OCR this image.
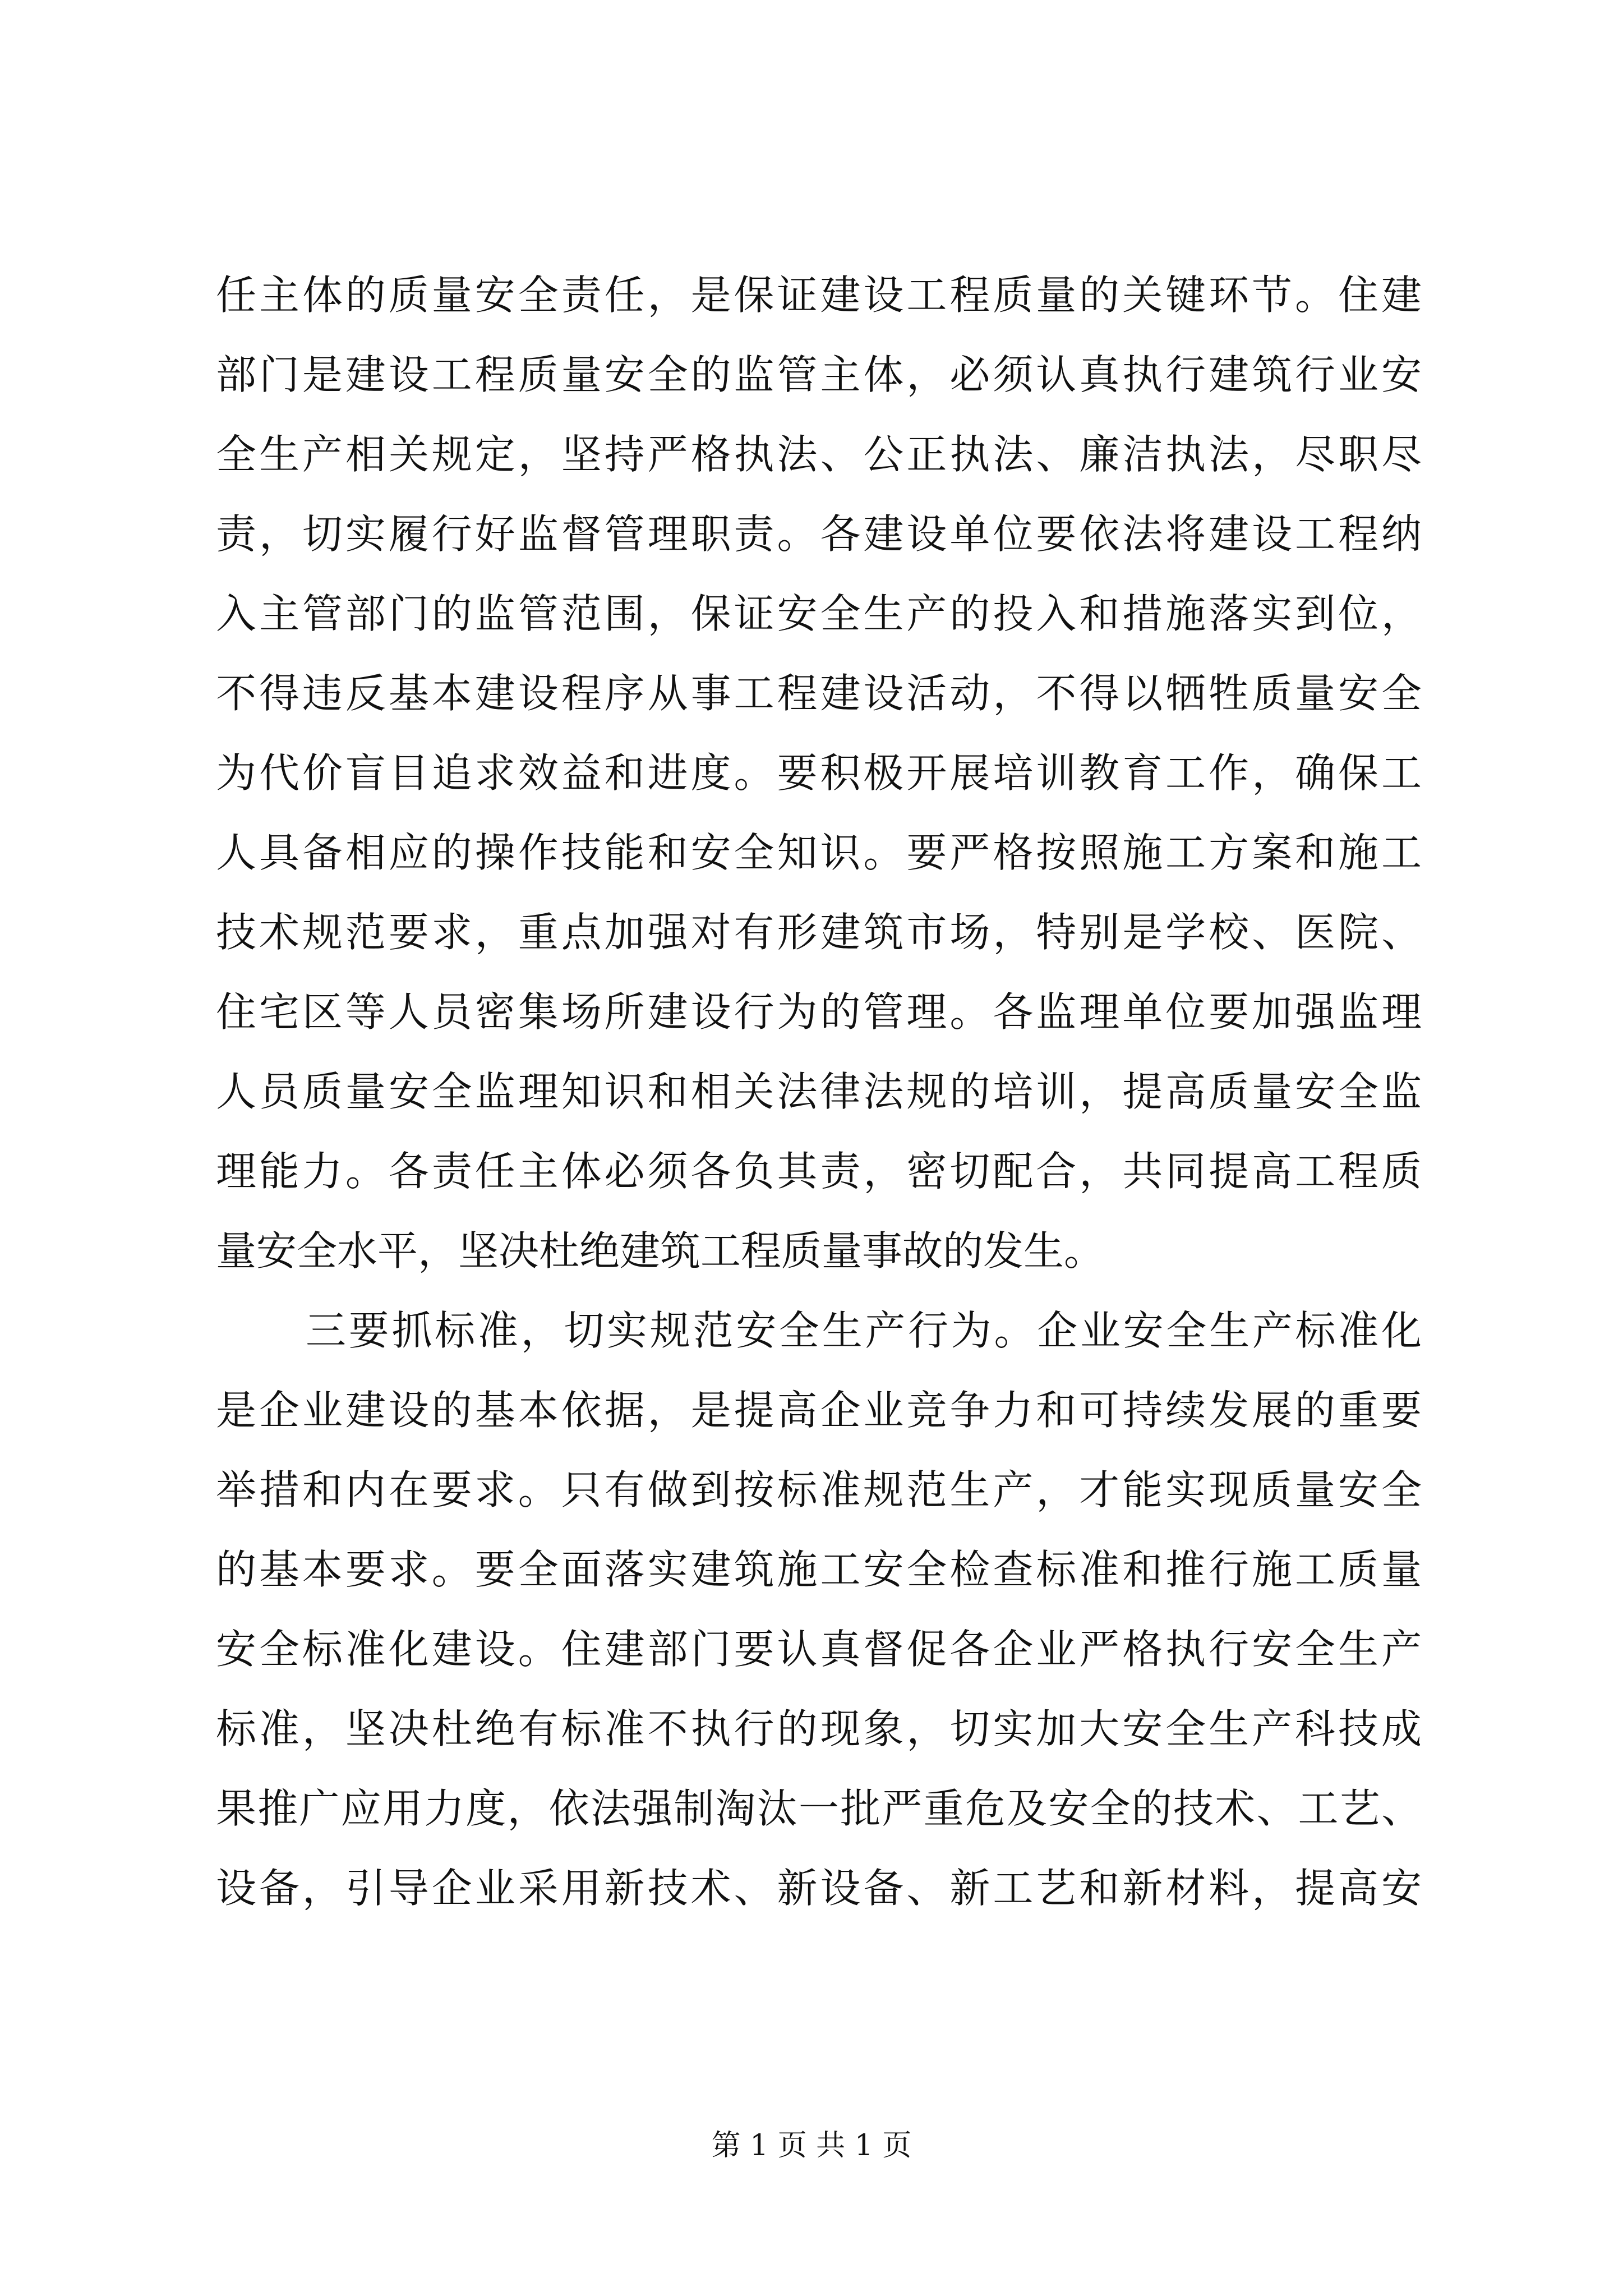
任主体的质量安全责任，是保证建设工程质量的关键环节。住建
部门是建设工程质量安全的监管主体，必须认真执行建筑行业安
全生产相关规定，坚持严格执法、公正执法、廉洁执法，尽职尽
责，切实履行好监督管理职责。各建设单位要依法将建设工程纳
入主管部门的监管范围，保证安全生产的投入和措施落实到位，
不得违反基本建设程序从事工程建设活动，不得以牺牲质量安全
为代价盲目追求效益和进度。要积极开展培训教育工作，确保工
人具备相应的操作技能和安全知识。要严格按照施工方案和施工
技术规范要求，重点加强对有形建筑市场，特别是学校、医院、
住宅区等人员密集场所建设行为的管理。各监理单位要加强监理
人员质量安全监理知识和相关法律法规的培训，提高质量安全监
理能力。各责任主体必须各负其责，密切配合，共同提高工程质
量安全水平，坚决杜绝建筑工程质量事故的发生。
三要抓标准，切实规范安全生产行为。企业安全生产标准化
是企业建设的基本依据，是提高企业竞争力和可持续发展的重要
举措和内在要求。只有做到按标准规范生产，才能实现质量安全
的基本要求。要全面落实建筑施工安全检查标准和推行施工质量
安全标准化建设。住建部门要认真督促各企业严格执行安全生产
标准，坚决杜绝有标准不执行的现象，切实加大安全生产科技成
果推广应用力度，依法强制淘汰一批严重危及安全的技术、工艺、
设备，引导企业采用新技术、新设备、新工艺和新材料，提高安
第 1 页 共 1 页
